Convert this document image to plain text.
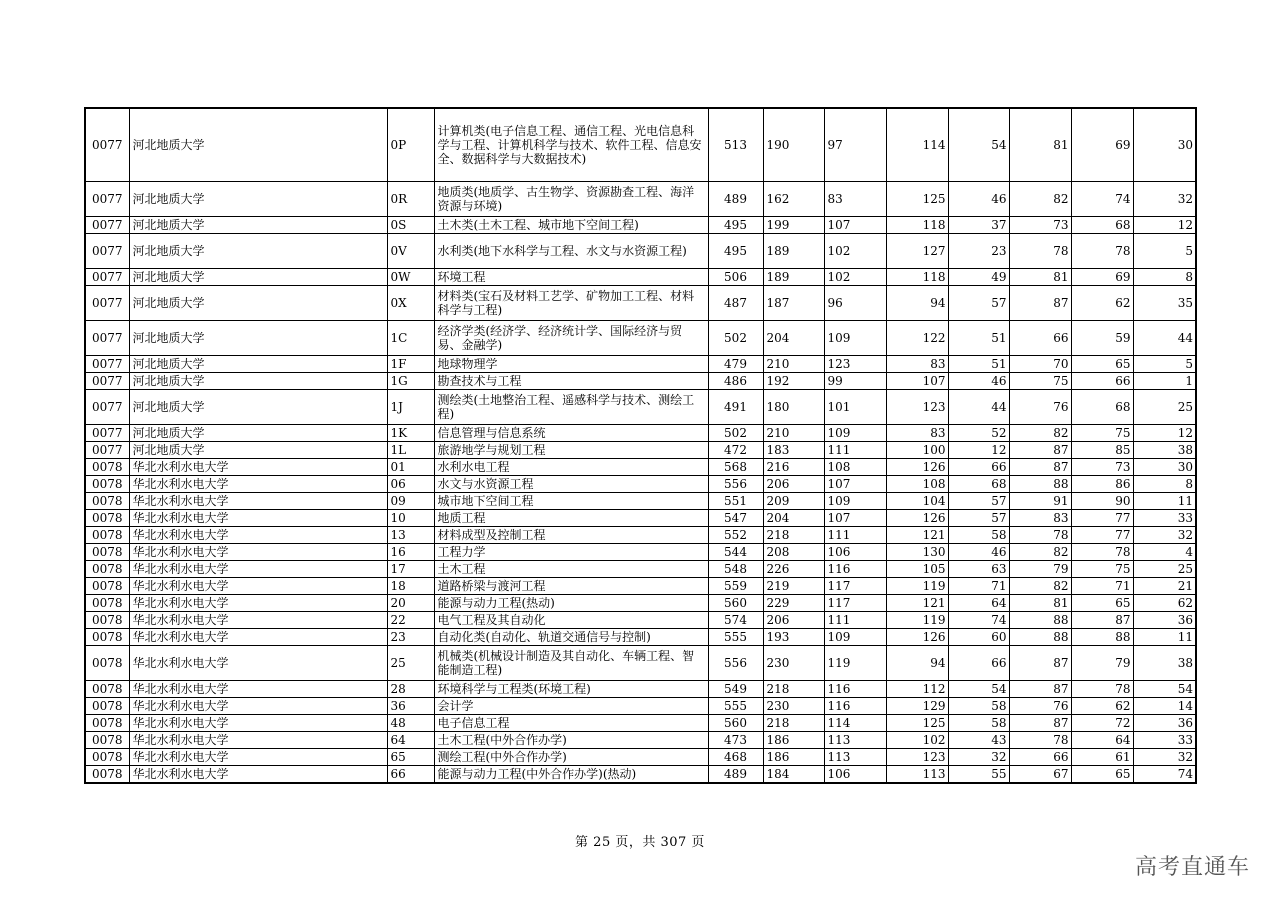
0077	河北地质大学	0P	计算机类(电子信息工程、通信工程、光电信息科学与工程、计算机科学与技术、软件工程、信息安全、数据科学与大数据技术)	513	190	97	114	54	81	69	30
0077	河北地质大学	0R	地质类(地质学、古生物学、资源勘查工程、海洋资源与环境)	489	162	83	125	46	82	74	32
0077	河北地质大学	0S	土木类(土木工程、城市地下空间工程)	495	199	107	118	37	73	68	12
0077	河北地质大学	0V	水利类(地下水科学与工程、水文与水资源工程)	495	189	102	127	23	78	78	5
0077	河北地质大学	0W	环境工程	506	189	102	118	49	81	69	8
0077	河北地质大学	0X	材料类(宝石及材料工艺学、矿物加工工程、材料科学与工程)	487	187	96	94	57	87	62	35
0077	河北地质大学	1C	经济学类(经济学、经济统计学、国际经济与贸易、金融学)	502	204	109	122	51	66	59	44
0077	河北地质大学	1F	地球物理学	479	210	123	83	51	70	65	5
0077	河北地质大学	1G	勘查技术与工程	486	192	99	107	46	75	66	1
0077	河北地质大学	1J	测绘类(土地整治工程、遥感科学与技术、测绘工程)	491	180	101	123	44	76	68	25
0077	河北地质大学	1K	信息管理与信息系统	502	210	109	83	52	82	75	12
0077	河北地质大学	1L	旅游地学与规划工程	472	183	111	100	12	87	85	38
0078	华北水利水电大学	01	水利水电工程	568	216	108	126	66	87	73	30
0078	华北水利水电大学	06	水文与水资源工程	556	206	107	108	68	88	86	8
0078	华北水利水电大学	09	城市地下空间工程	551	209	109	104	57	91	90	11
0078	华北水利水电大学	10	地质工程	547	204	107	126	57	83	77	33
0078	华北水利水电大学	13	材料成型及控制工程	552	218	111	121	58	78	77	32
0078	华北水利水电大学	16	工程力学	544	208	106	130	46	82	78	4
0078	华北水利水电大学	17	土木工程	548	226	116	105	63	79	75	25
0078	华北水利水电大学	18	道路桥梁与渡河工程	559	219	117	119	71	82	71	21
0078	华北水利水电大学	20	能源与动力工程(热动)	560	229	117	121	64	81	65	62
0078	华北水利水电大学	22	电气工程及其自动化	574	206	111	119	74	88	87	36
0078	华北水利水电大学	23	自动化类(自动化、轨道交通信号与控制)	555	193	109	126	60	88	88	11
0078	华北水利水电大学	25	机械类(机械设计制造及其自动化、车辆工程、智能制造工程)	556	230	119	94	66	87	79	38
0078	华北水利水电大学	28	环境科学与工程类(环境工程)	549	218	116	112	54	87	78	54
0078	华北水利水电大学	36	会计学	555	230	116	129	58	76	62	14
0078	华北水利水电大学	48	电子信息工程	560	218	114	125	58	87	72	36
0078	华北水利水电大学	64	土木工程(中外合作办学)	473	186	113	102	43	78	64	33
0078	华北水利水电大学	65	测绘工程(中外合作办学)	468	186	113	123	32	66	61	32
0078	华北水利水电大学	66	能源与动力工程(中外合作办学)(热动)	489	184	106	113	55	67	65	74
第 25 页，共 307 页
高考直通车
